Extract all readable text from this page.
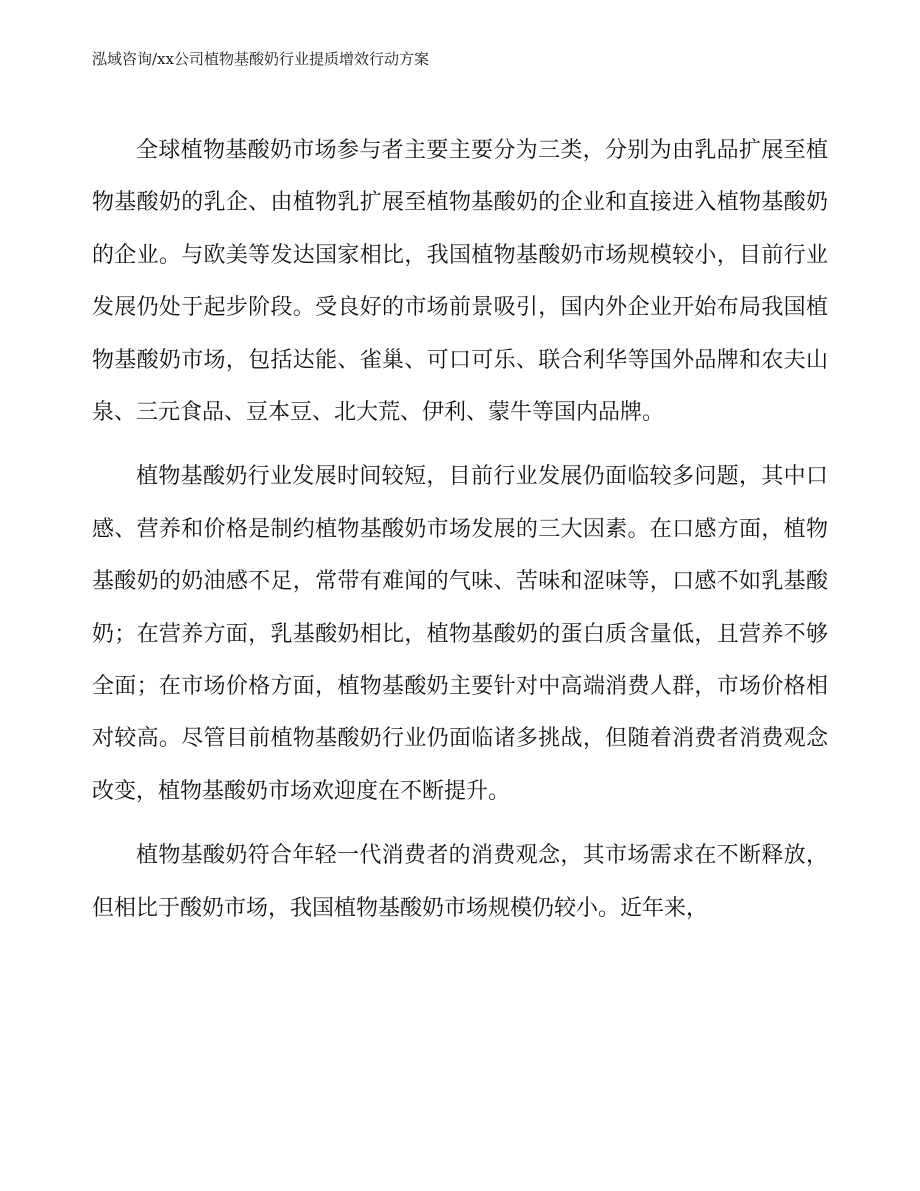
泓域咨询/xx公司植物基酸奶行业提质增效行动方案

全球植物基酸奶市场参与者主要主要分为三类，分别为由乳品扩展至植物基酸奶的乳企、由植物乳扩展至植物基酸奶的企业和直接进入植物基酸奶的企业。与欧美等发达国家相比，我国植物基酸奶市场规模较小，目前行业发展仍处于起步阶段。受良好的市场前景吸引，国内外企业开始布局我国植物基酸奶市场，包括达能、雀巢、可口可乐、联合利华等国外品牌和农夫山泉、三元食品、豆本豆、北大荒、伊利、蒙牛等国内品牌。

植物基酸奶行业发展时间较短，目前行业发展仍面临较多问题，其中口感、营养和价格是制约植物基酸奶市场发展的三大因素。在口感方面，植物基酸奶的奶油感不足，常带有难闻的气味、苦味和涩味等，口感不如乳基酸奶；在营养方面，乳基酸奶相比，植物基酸奶的蛋白质含量低，且营养不够全面；在市场价格方面，植物基酸奶主要针对中高端消费人群，市场价格相对较高。尽管目前植物基酸奶行业仍面临诸多挑战，但随着消费者消费观念改变，植物基酸奶市场欢迎度在不断提升。

植物基酸奶符合年轻一代消费者的消费观念，其市场需求在不断释放，但相比于酸奶市场，我国植物基酸奶市场规模仍较小。近年来，
